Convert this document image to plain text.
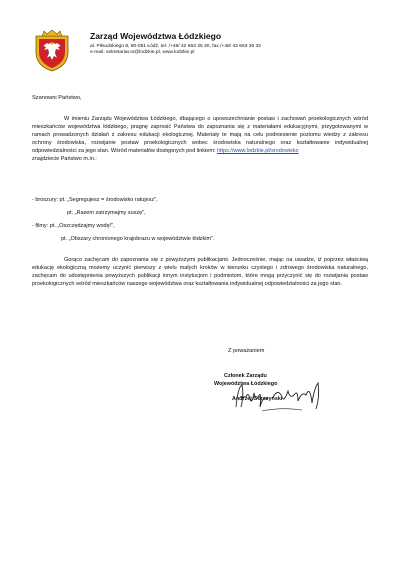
Zarząd Województwa Łódzkiego
al. Piłsudskiego 8, 90-051 Łódź, tel. /+48/ 42 663 35 30, fax /+48/ 42 663 35 32
e-mail: sekretariat.sr@lodzkie.pl, www.lodzkie.pl
Szanowni Państwo,

W imieniu Zarządu Województwa Łódzkiego, dbającego o upowszechnianie postaw i zachowań proekologicznych wśród mieszkańców województwa łódzkiego, pragnę zaprosić Państwa do zapoznania się z materiałami edukacyjnymi, przygotowanymi w ramach prowadzonych działań z zakresu edukacji ekologicznej. Materiały te mają na celu podniesienie poziomu wiedzy z zakresu ochrony środowiska, rozwijanie postaw proekologicznych wobec środowiska naturalnego oraz kształtowanie indywidualnej odpowiedzialności za jego stan. Wśród materiałów dostępnych pod linkiem: https://www.lodzkie.pl/srodowisko

znajdziecie Państwo m.in.:

- broszury: pt. „Segregujesz = środowisko ratujesz",
pt. „Razem zatrzymajmy suszę",
- filmy: pt. „Oszczędzajmy wodę!",
pt. „Obszary chronionego krajobrazu w województwie łódzkim".

Gorąco zachęcam do zapoznania się z powyższymi publikacjami. Jednocześnie, mając na uwadze, iż poprzez właściwą edukację ekologiczną możemy uczynić pierwszy z wielu małych kroków w kierunku czystego i zdrowego środowiska naturalnego, zachęcam do udostępnienia powyższych publikacji innym instytucjom i podmiotom, które mogą przyczynić się do rozwijania postaw proekologicznych wśród mieszkańców naszego województwa oraz kształtowania indywidualnej odpowiedzialności za jego stan.

Z poważaniem
Członek Zarządu
Województwa Łódzkiego
Andrzej Górczyński
